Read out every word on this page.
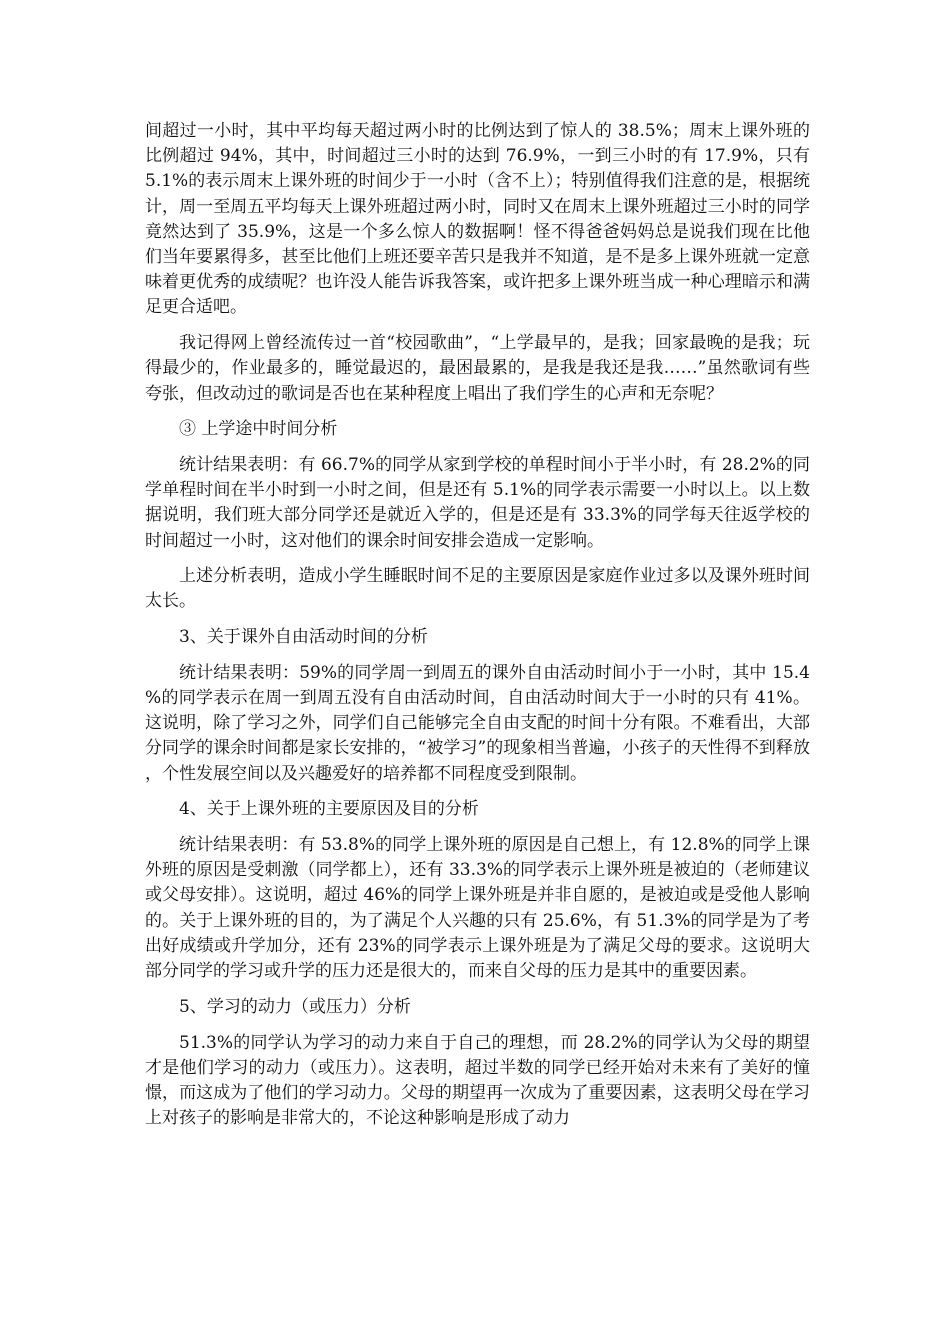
间超过一小时，其中平均每天超过两小时的比例达到了惊人的 38.5%；周末上课外班的比例超过 94%，其中，时间超过三小时的达到 76.9%，一到三小时的有 17.9%，只有 5.1%的表示周末上课外班的时间少于一小时（含不上）；特别值得我们注意的是，根据统计，周一至周五平均每天上课外班超过两小时，同时又在周末上课外班超过三小时的同学竟然达到了 35.9%，这是一个多么惊人的数据啊！怪不得爸爸妈妈总是说我们现在比他们当年要累得多，甚至比他们上班还要辛苦只是我并不知道，是不是多上课外班就一定意味着更优秀的成绩呢？也许没人能告诉我答案，或许把多上课外班当成一种心理暗示和满足更合适吧。

我记得网上曾经流传过一首“校园歌曲”，“上学最早的，是我；回家最晚的是我；玩得最少的，作业最多的，睡觉最迟的，最困最累的，是我是我还是我……”虽然歌词有些夸张，但改动过的歌词是否也在某种程度上唱出了我们学生的心声和无奈呢？

③ 上学途中时间分析

统计结果表明：有 66.7%的同学从家到学校的单程时间小于半小时，有 28.2%的同学单程时间在半小时到一小时之间，但是还有 5.1%的同学表示需要一小时以上。以上数据说明，我们班大部分同学还是就近入学的，但是还是有 33.3%的同学每天往返学校的时间超过一小时，这对他们的课余时间安排会造成一定影响。

上述分析表明，造成小学生睡眠时间不足的主要原因是家庭作业过多以及课外班时间太长。

3、关于课外自由活动时间的分析

统计结果表明：59%的同学周一到周五的课外自由活动时间小于一小时，其中 15.4%的同学表示在周一到周五没有自由活动时间，自由活动时间大于一小时的只有 41%。这说明，除了学习之外，同学们自己能够完全自由支配的时间十分有限。不难看出，大部分同学的课余时间都是家长安排的，“被学习”的现象相当普遍，小孩子的天性得不到释放，个性发展空间以及兴趣爱好的培养都不同程度受到限制。

4、关于上课外班的主要原因及目的分析

统计结果表明：有 53.8%的同学上课外班的原因是自己想上，有 12.8%的同学上课外班的原因是受刺激（同学都上），还有 33.3%的同学表示上课外班是被迫的（老师建议或父母安排）。这说明，超过 46%的同学上课外班是并非自愿的，是被迫或是受他人影响的。关于上课外班的目的，为了满足个人兴趣的只有 25.6%，有 51.3%的同学是为了考出好成绩或升学加分，还有 23%的同学表示上课外班是为了满足父母的要求。这说明大部分同学的学习或升学的压力还是很大的，而来自父母的压力是其中的重要因素。

5、学习的动力（或压力）分析

51.3%的同学认为学习的动力来自于自己的理想，而 28.2%的同学认为父母的期望才是他们学习的动力（或压力）。这表明，超过半数的同学已经开始对未来有了美好的憧憬，而这成为了他们的学习动力。父母的期望再一次成为了重要因素，这表明父母在学习上对孩子的影响是非常大的，不论这种影响是形成了动力
